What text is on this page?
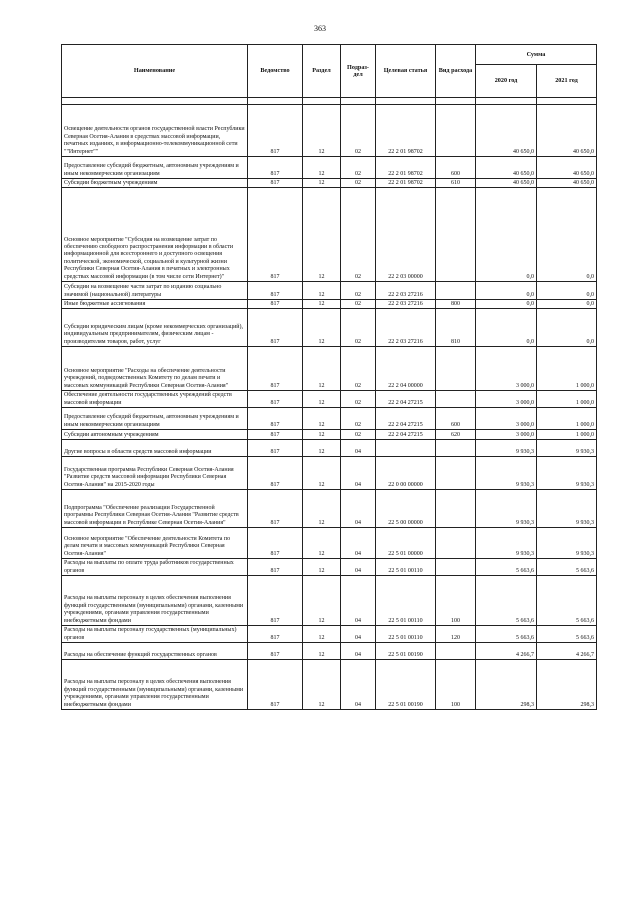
363
Наименование	Ведомство	Раздел	Подраз-дел	Целевая статья	Вид расхода	Сумма	
						2020 год	2021 год

Освещение деятельности органов государственной власти Республики Северная Осетия-Алания в средствах массовой информации, печатных изданиях, в информационно-телекоммуникационной сети ""Интернет""	817	12	02	22 2 01 98702		40 650,0	40 650,0
Предоставление субсидий бюджетным, автономным учреждениям и иным некоммерческим организациям	817	12	02	22 2 01 98702	600	40 650,0	40 650,0
Субсидии бюджетным учреждениям	817	12	02	22 2 01 98702	610	40 650,0	40 650,0
Основное мероприятие "Субсидия на возмещение затрат по обеспечению свободного распространения информации в области информационной для всестороннего и доступного освещения политической, экономической, социальной и культурной жизни Республики Северная Осетия-Алания в печатных и электронных средствах массовой информации (в том числе сети Интернет)"	817	12	02	22 2 03 00000		0,0	0,0
Субсидии на возмещение части затрат по изданию социально значимой (национальной) литературы	817	12	02	22 2 03 27216		0,0	0,0
Иные бюджетные ассигнования	817	12	02	22 2 03 27216	800	0,0	0,0
Субсидии юридическим лицам (кроме некоммерческих организаций), индивидуальным предпринимателям, физическим лицам - производителям товаров, работ, услуг	817	12	02	22 2 03 27216	810	0,0	0,0
Основное мероприятие "Расходы на обеспечение деятельности учреждений, подведомственных Комитету по делам печати и массовых коммуникаций Республики Северная Осетия-Алания"	817	12	02	22 2 04 00000		3 000,0	1 000,0
Обеспечение деятельности государственных учреждений средств массовой информации	817	12	02	22 2 04 27215		3 000,0	1 000,0
Предоставление субсидий бюджетным, автономным учреждениям и иным некоммерческим организациям	817	12	02	22 2 04 27215	600	3 000,0	1 000,0
Субсидии автономным учреждениям	817	12	02	22 2 04 27215	620	3 000,0	1 000,0
Другие вопросы в области средств массовой информации	817	12	04			9 930,3	9 930,3
Государственная программа Республики Северная Осетия-Алания "Развитие средств массовой информации Республики Северная Осетия-Алания" на 2015-2020 годы	817	12	04	22 0 00 00000		9 930,3	9 930,3
Подпрограмма "Обеспечение реализации Государственной программы Республики Северная Осетия-Алания "Развитие средств массовой информации в Республике Северная Осетия-Алания"	817	12	04	22 5 00 00000		9 930,3	9 930,3
Основное мероприятие "Обеспечение деятельности Комитета по делам печати и массовых коммуникаций Республики Северная Осетия-Алания"	817	12	04	22 5 01 00000		9 930,3	9 930,3
Расходы на выплаты по оплате труда работников государственных органов	817	12	04	22 5 01 00110		5 663,6	5 663,6
Расходы на выплаты персоналу в целях обеспечения выполнения функций государственными (муниципальными) органами, казенными учреждениями, органами управления государственными внебюджетными фондами	817	12	04	22 5 01 00110	100	5 663,6	5 663,6
Расходы на выплаты персоналу государственных (муниципальных) органов	817	12	04	22 5 01 00110	120	5 663,6	5 663,6
Расходы на обеспечение функций государственных органов	817	12	04	22 5 01 00190		4 266,7	4 266,7
Расходы на выплаты персоналу в целях обеспечения выполнения функций государственными (муниципальными) органами, казенными учреждениями, органами управления государственными внебюджетными фондами	817	12	04	22 5 01 00190	100	298,3	298,3
